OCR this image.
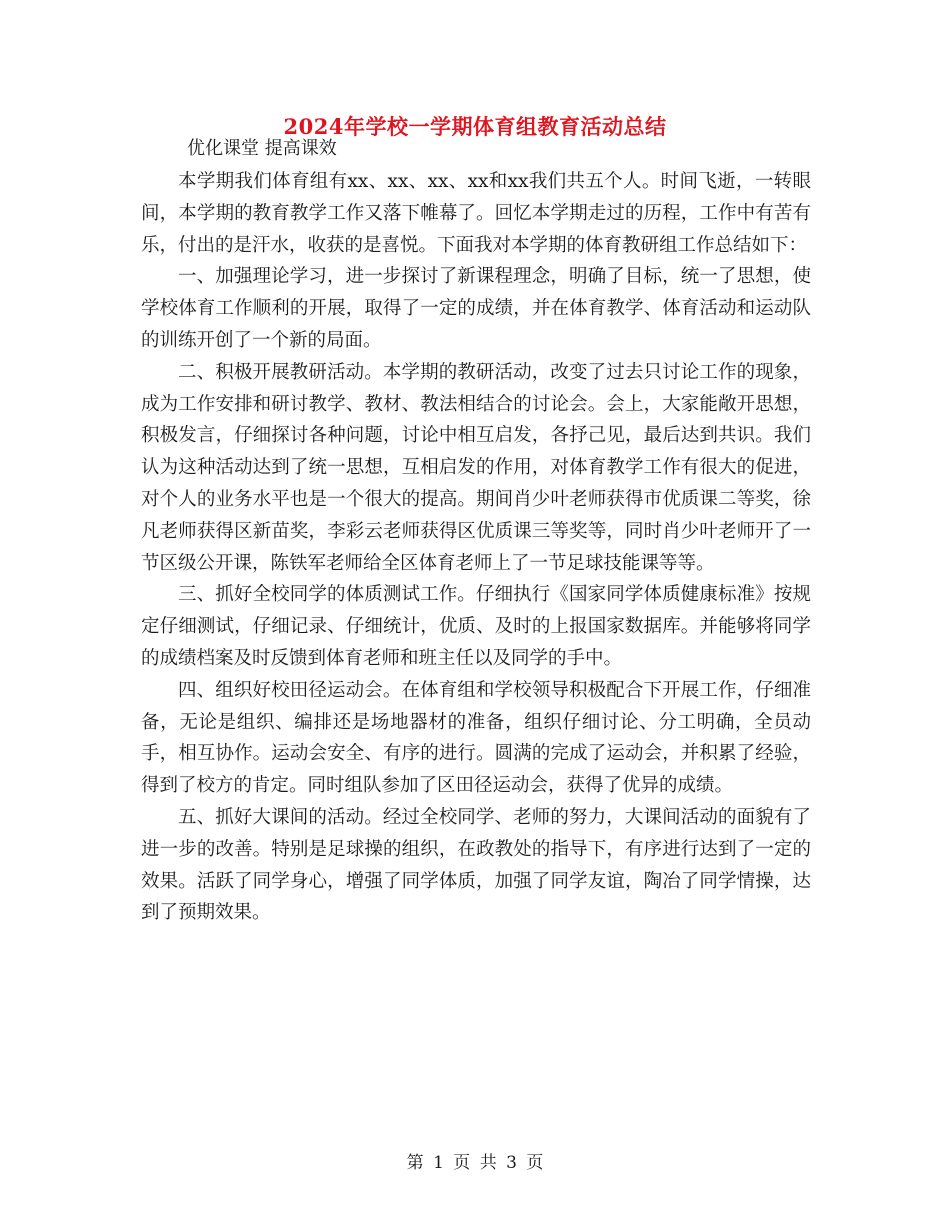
2024年学校一学期体育组教育活动总结
优化课堂 提高课效

本学期我们体育组有xx、xx、xx、xx和xx我们共五个人。时间飞逝，一转眼间，本学期的教育教学工作又落下帷幕了。回忆本学期走过的历程，工作中有苦有乐，付出的是汗水，收获的是喜悦。下面我对本学期的体育教研组工作总结如下：

一、加强理论学习，进一步探讨了新课程理念，明确了目标，统一了思想，使学校体育工作顺利的开展，取得了一定的成绩，并在体育教学、体育活动和运动队的训练开创了一个新的局面。

二、积极开展教研活动。本学期的教研活动，改变了过去只讨论工作的现象，成为工作安排和研讨教学、教材、教法相结合的讨论会。会上，大家能敞开思想，积极发言，仔细探讨各种问题，讨论中相互启发，各抒己见，最后达到共识。我们认为这种活动达到了统一思想，互相启发的作用，对体育教学工作有很大的促进，对个人的业务水平也是一个很大的提高。期间肖少叶老师获得市优质课二等奖，徐凡老师获得区新苗奖，李彩云老师获得区优质课三等奖等，同时肖少叶老师开了一节区级公开课，陈铁军老师给全区体育老师上了一节足球技能课等等。

三、抓好全校同学的体质测试工作。仔细执行《国家同学体质健康标准》按规定仔细测试，仔细记录、仔细统计，优质、及时的上报国家数据库。并能够将同学的成绩档案及时反馈到体育老师和班主任以及同学的手中。

四、组织好校田径运动会。在体育组和学校领导积极配合下开展工作，仔细准备，无论是组织、编排还是场地器材的准备，组织仔细讨论、分工明确，全员动手，相互协作。运动会安全、有序的进行。圆满的完成了运动会，并积累了经验，得到了校方的肯定。同时组队参加了区田径运动会，获得了优异的成绩。

五、抓好大课间的活动。经过全校同学、老师的努力，大课间活动的面貌有了进一步的改善。特别是足球操的组织，在政教处的指导下，有序进行达到了一定的效果。活跃了同学身心，增强了同学体质，加强了同学友谊，陶冶了同学情操，达到了预期效果。

第 1 页 共 3 页
